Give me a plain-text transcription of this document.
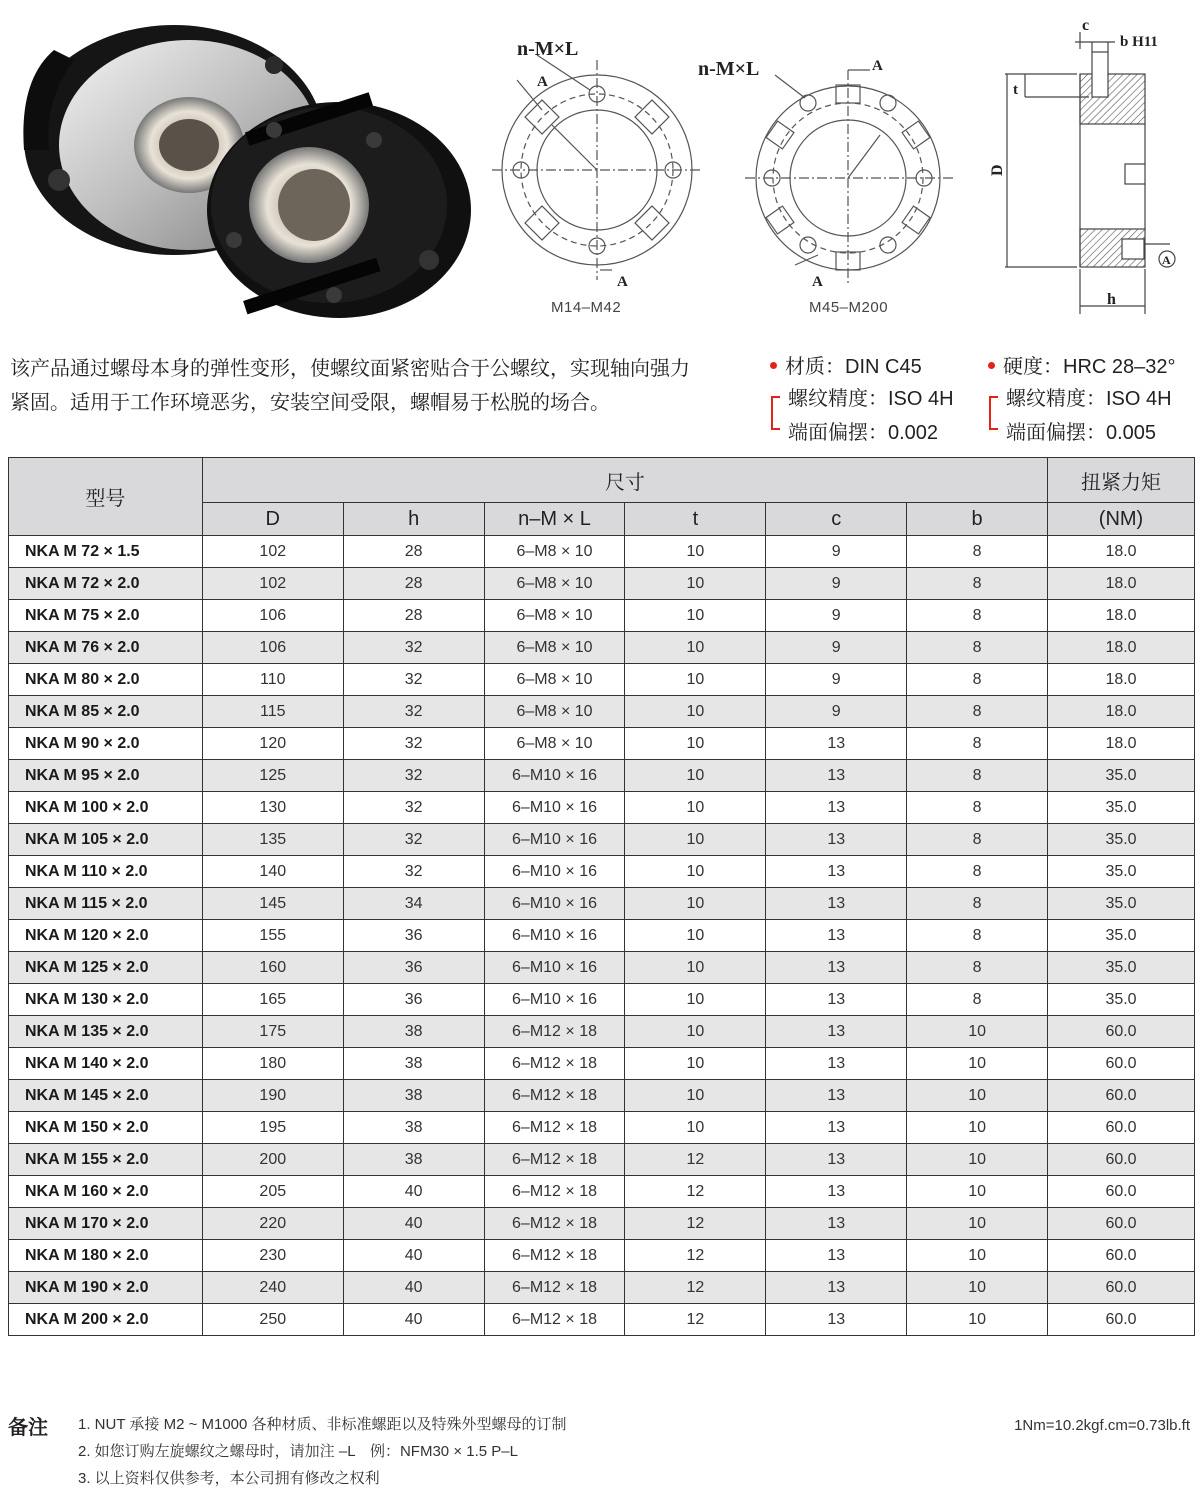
n-M×L
A
A
M14–M42
n-M×L	A
A
M45–M200
c
b H11
t
D
h
A
该产品通过螺母本身的弹性变形，使螺纹面紧密贴合于公螺纹，实现轴向强力紧固。适用于工作环境恶劣，安装空间受限，螺帽易于松脱的场合。
材质：DIN C45
螺纹精度：ISO 4H
端面偏摆：0.002
硬度：HRC 28–32°
螺纹精度：ISO 4H
端面偏摆：0.005
型号	尺寸						扭紧力矩
	D	h	n–M × L	t	c	b	(NM)
NKA M 72 × 1.5	102	28	6–M8 × 10	10	9	8	18.0
NKA M 72 × 2.0	102	28	6–M8 × 10	10	9	8	18.0
NKA M 75 × 2.0	106	28	6–M8 × 10	10	9	8	18.0
NKA M 76 × 2.0	106	32	6–M8 × 10	10	9	8	18.0
NKA M 80 × 2.0	110	32	6–M8 × 10	10	9	8	18.0
NKA M 85 × 2.0	115	32	6–M8 × 10	10	9	8	18.0
NKA M 90 × 2.0	120	32	6–M8 × 10	10	13	8	18.0
NKA M 95 × 2.0	125	32	6–M10 × 16	10	13	8	35.0
NKA M 100 × 2.0	130	32	6–M10 × 16	10	13	8	35.0
NKA M 105 × 2.0	135	32	6–M10 × 16	10	13	8	35.0
NKA M 110 × 2.0	140	32	6–M10 × 16	10	13	8	35.0
NKA M 115 × 2.0	145	34	6–M10 × 16	10	13	8	35.0
NKA M 120 × 2.0	155	36	6–M10 × 16	10	13	8	35.0
NKA M 125 × 2.0	160	36	6–M10 × 16	10	13	8	35.0
NKA M 130 × 2.0	165	36	6–M10 × 16	10	13	8	35.0
NKA M 135 × 2.0	175	38	6–M12 × 18	10	13	10	60.0
NKA M 140 × 2.0	180	38	6–M12 × 18	10	13	10	60.0
NKA M 145 × 2.0	190	38	6–M12 × 18	10	13	10	60.0
NKA M 150 × 2.0	195	38	6–M12 × 18	10	13	10	60.0
NKA M 155 × 2.0	200	38	6–M12 × 18	12	13	10	60.0
NKA M 160 × 2.0	205	40	6–M12 × 18	12	13	10	60.0
NKA M 170 × 2.0	220	40	6–M12 × 18	12	13	10	60.0
NKA M 180 × 2.0	230	40	6–M12 × 18	12	13	10	60.0
NKA M 190 × 2.0	240	40	6–M12 × 18	12	13	10	60.0
NKA M 200 × 2.0	250	40	6–M12 × 18	12	13	10	60.0
备注 1. NUT 承接 M2 ~ M1000 各种材质、非标准螺距以及特殊外型螺母的订制
2. 如您订购左旋螺纹之螺母时，请加注 –L　例：NFM30 × 1.5 P–L
3. 以上资料仅供参考，本公司拥有修改之权利
1Nm=10.2kgf.cm=0.73lb.ft
